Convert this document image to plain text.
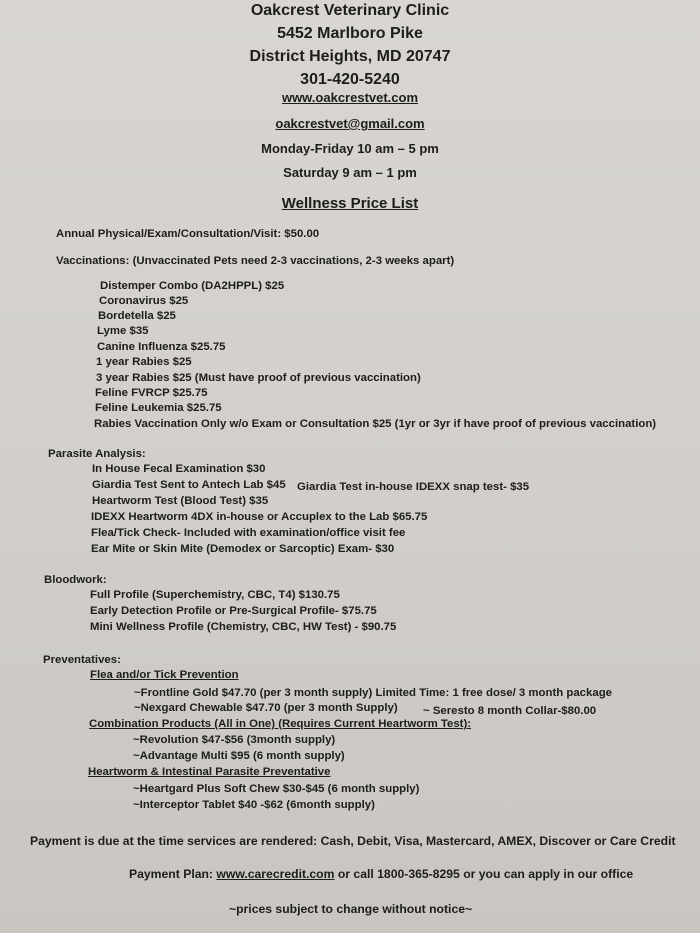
Oakcrest Veterinary Clinic
5452 Marlboro Pike
District Heights, MD 20747
301-420-5240
www.oakcrestvet.com
oakcrestvet@gmail.com
Monday-Friday 10 am – 5 pm
Saturday 9 am – 1 pm
Wellness Price List
Annual Physical/Exam/Consultation/Visit: $50.00
Vaccinations: (Unvaccinated Pets need 2-3 vaccinations, 2-3 weeks apart)
Distemper Combo (DA2HPPL) $25
Coronavirus $25
Bordetella $25
Lyme $35
Canine Influenza $25.75
1 year Rabies $25
3 year Rabies $25 (Must have proof of previous vaccination)
Feline FVRCP $25.75
Feline Leukemia $25.75
Rabies Vaccination Only w/o Exam or Consultation $25 (1yr or 3yr if have proof of previous vaccination)
Parasite Analysis:
In House Fecal Examination $30
Giardia Test Sent to Antech Lab $45 Giardia Test in-house IDEXX snap test- $35
Heartworm Test (Blood Test) $35
IDEXX Heartworm 4DX in-house or Accuplex to the Lab $65.75
Flea/Tick Check- Included with examination/office visit fee
Ear Mite or Skin Mite (Demodex or Sarcoptic) Exam- $30
Bloodwork:
Full Profile (Superchemistry, CBC, T4) $130.75
Early Detection Profile or Pre-Surgical Profile- $75.75
Mini Wellness Profile (Chemistry, CBC, HW Test) - $90.75
Preventatives:
Flea and/or Tick Prevention
~Frontline Gold $47.70 (per 3 month supply) Limited Time: 1 free dose/ 3 month package
~Nexgard Chewable $47.70 (per 3 month Supply) ~ Seresto 8 month Collar-$80.00
Combination Products (All in One) (Requires Current Heartworm Test):
~Revolution $47-$56 (3month supply)
~Advantage Multi $95 (6 month supply)
Heartworm & Intestinal Parasite Preventative
~Heartgard Plus Soft Chew $30-$45 (6 month supply)
~Interceptor Tablet $40 -$62 (6month supply)
Payment is due at the time services are rendered: Cash, Debit, Visa, Mastercard, AMEX, Discover or Care Credit
Payment Plan: www.carecredit.com or call 1800-365-8295 or you can apply in our office
~prices subject to change without notice~
